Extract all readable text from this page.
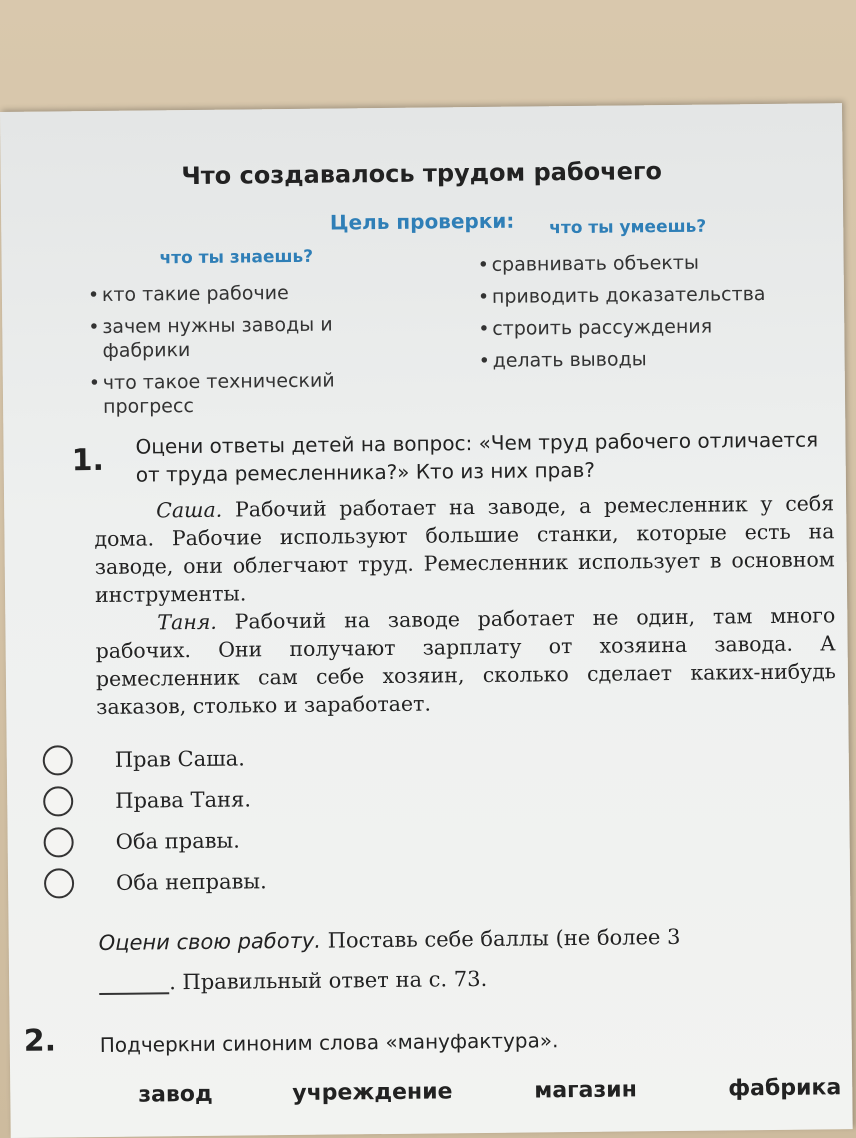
Что создавалось трудом рабочего
Цель проверки:
что ты знаешь?
• кто такие рабочие
• зачем нужны заводы и фабрики
• что такое технический прогресс
что ты умеешь?
• сравнивать объекты
• приводить доказательства
• строить рассуждения
• делать выводы
1. Оцени ответы детей на вопрос: «Чем труд рабочего отличается от труда ремесленника?» Кто из них прав?

Саша. Рабочий работает на заводе, а ремесленник у себя дома. Рабочие используют большие станки, которые есть на заводе, они облегчают труд. Ремесленник использует в основном инструменты.

Таня. Рабочий на заводе работает не один, там много рабочих. Они получают зарплату от хозяина завода. А ремесленник сам себе хозяин, сколько сделает каких-нибудь заказов, столько и заработает.

Прав Саша.
Права Таня.
Оба правы.
Оба неправы.
Оцени свою работу. Поставь себе баллы (не более 3
. Правильный ответ на с. 73.
2. Подчеркни синоним слова «мануфактура».
завод	учреждение	магазин	фабрика
